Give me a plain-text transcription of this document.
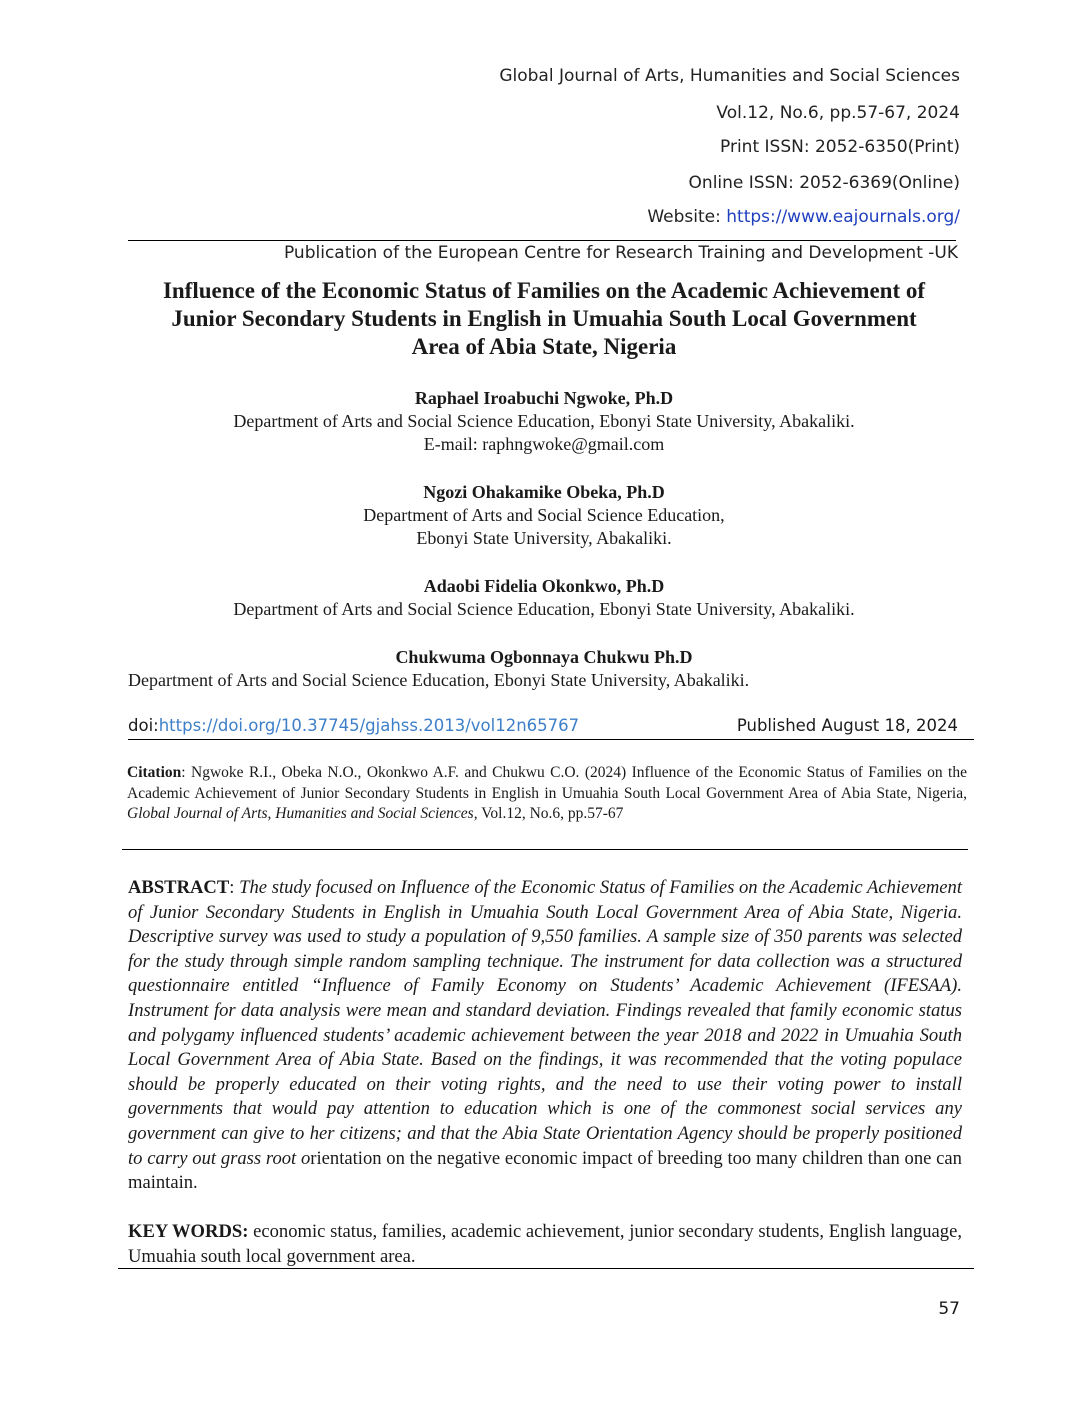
Global Journal of Arts, Humanities and Social Sciences
Vol.12, No.6, pp.57-67, 2024
Print ISSN: 2052-6350(Print)
Online ISSN: 2052-6369(Online)
Website: https://www.eajournals.org/
Publication of the European Centre for Research Training and Development -UK
Influence of the Economic Status of Families on the Academic Achievement of
Junior Secondary Students in English in Umuahia South Local Government
Area of Abia State, Nigeria
Raphael Iroabuchi Ngwoke, Ph.D
Department of Arts and Social Science Education, Ebonyi State University, Abakaliki.
E-mail: raphngwoke@gmail.com
Ngozi Ohakamike Obeka, Ph.D
Department of Arts and Social Science Education,
Ebonyi State University, Abakaliki.
Adaobi Fidelia Okonkwo, Ph.D
Department of Arts and Social Science Education, Ebonyi State University, Abakaliki.
Chukwuma Ogbonnaya Chukwu Ph.D
Department of Arts and Social Science Education, Ebonyi State University, Abakaliki.
doi:https://doi.org/10.37745/gjahss.2013/vol12n65767	Published August 18, 2024
Citation: Ngwoke R.I., Obeka N.O., Okonkwo A.F. and Chukwu C.O. (2024) Influence of the Economic Status of Families on the Academic Achievement of Junior Secondary Students in English in Umuahia South Local Government Area of Abia State, Nigeria, Global Journal of Arts, Humanities and Social Sciences, Vol.12, No.6, pp.57-67
ABSTRACT: The study focused on Influence of the Economic Status of Families on the Academic Achievement of Junior Secondary Students in English in Umuahia South Local Government Area of Abia State, Nigeria. Descriptive survey was used to study a population of 9,550 families. A sample size of 350 parents was selected for the study through simple random sampling technique. The instrument for data collection was a structured questionnaire entitled “Influence of Family Economy on Students’ Academic Achievement (IFESAA). Instrument for data analysis were mean and standard deviation. Findings revealed that family economic status and polygamy influenced students’ academic achievement between the year 2018 and 2022 in Umuahia South Local Government Area of Abia State. Based on the findings, it was recommended that the voting populace should be properly educated on their voting rights, and the need to use their voting power to install governments that would pay attention to education which is one of the commonest social services any government can give to her citizens; and that the Abia State Orientation Agency should be properly positioned to carry out grass root orientation on the negative economic impact of breeding too many children than one can maintain.
KEY WORDS: economic status, families, academic achievement, junior secondary students, English language, Umuahia south local government area.
57
